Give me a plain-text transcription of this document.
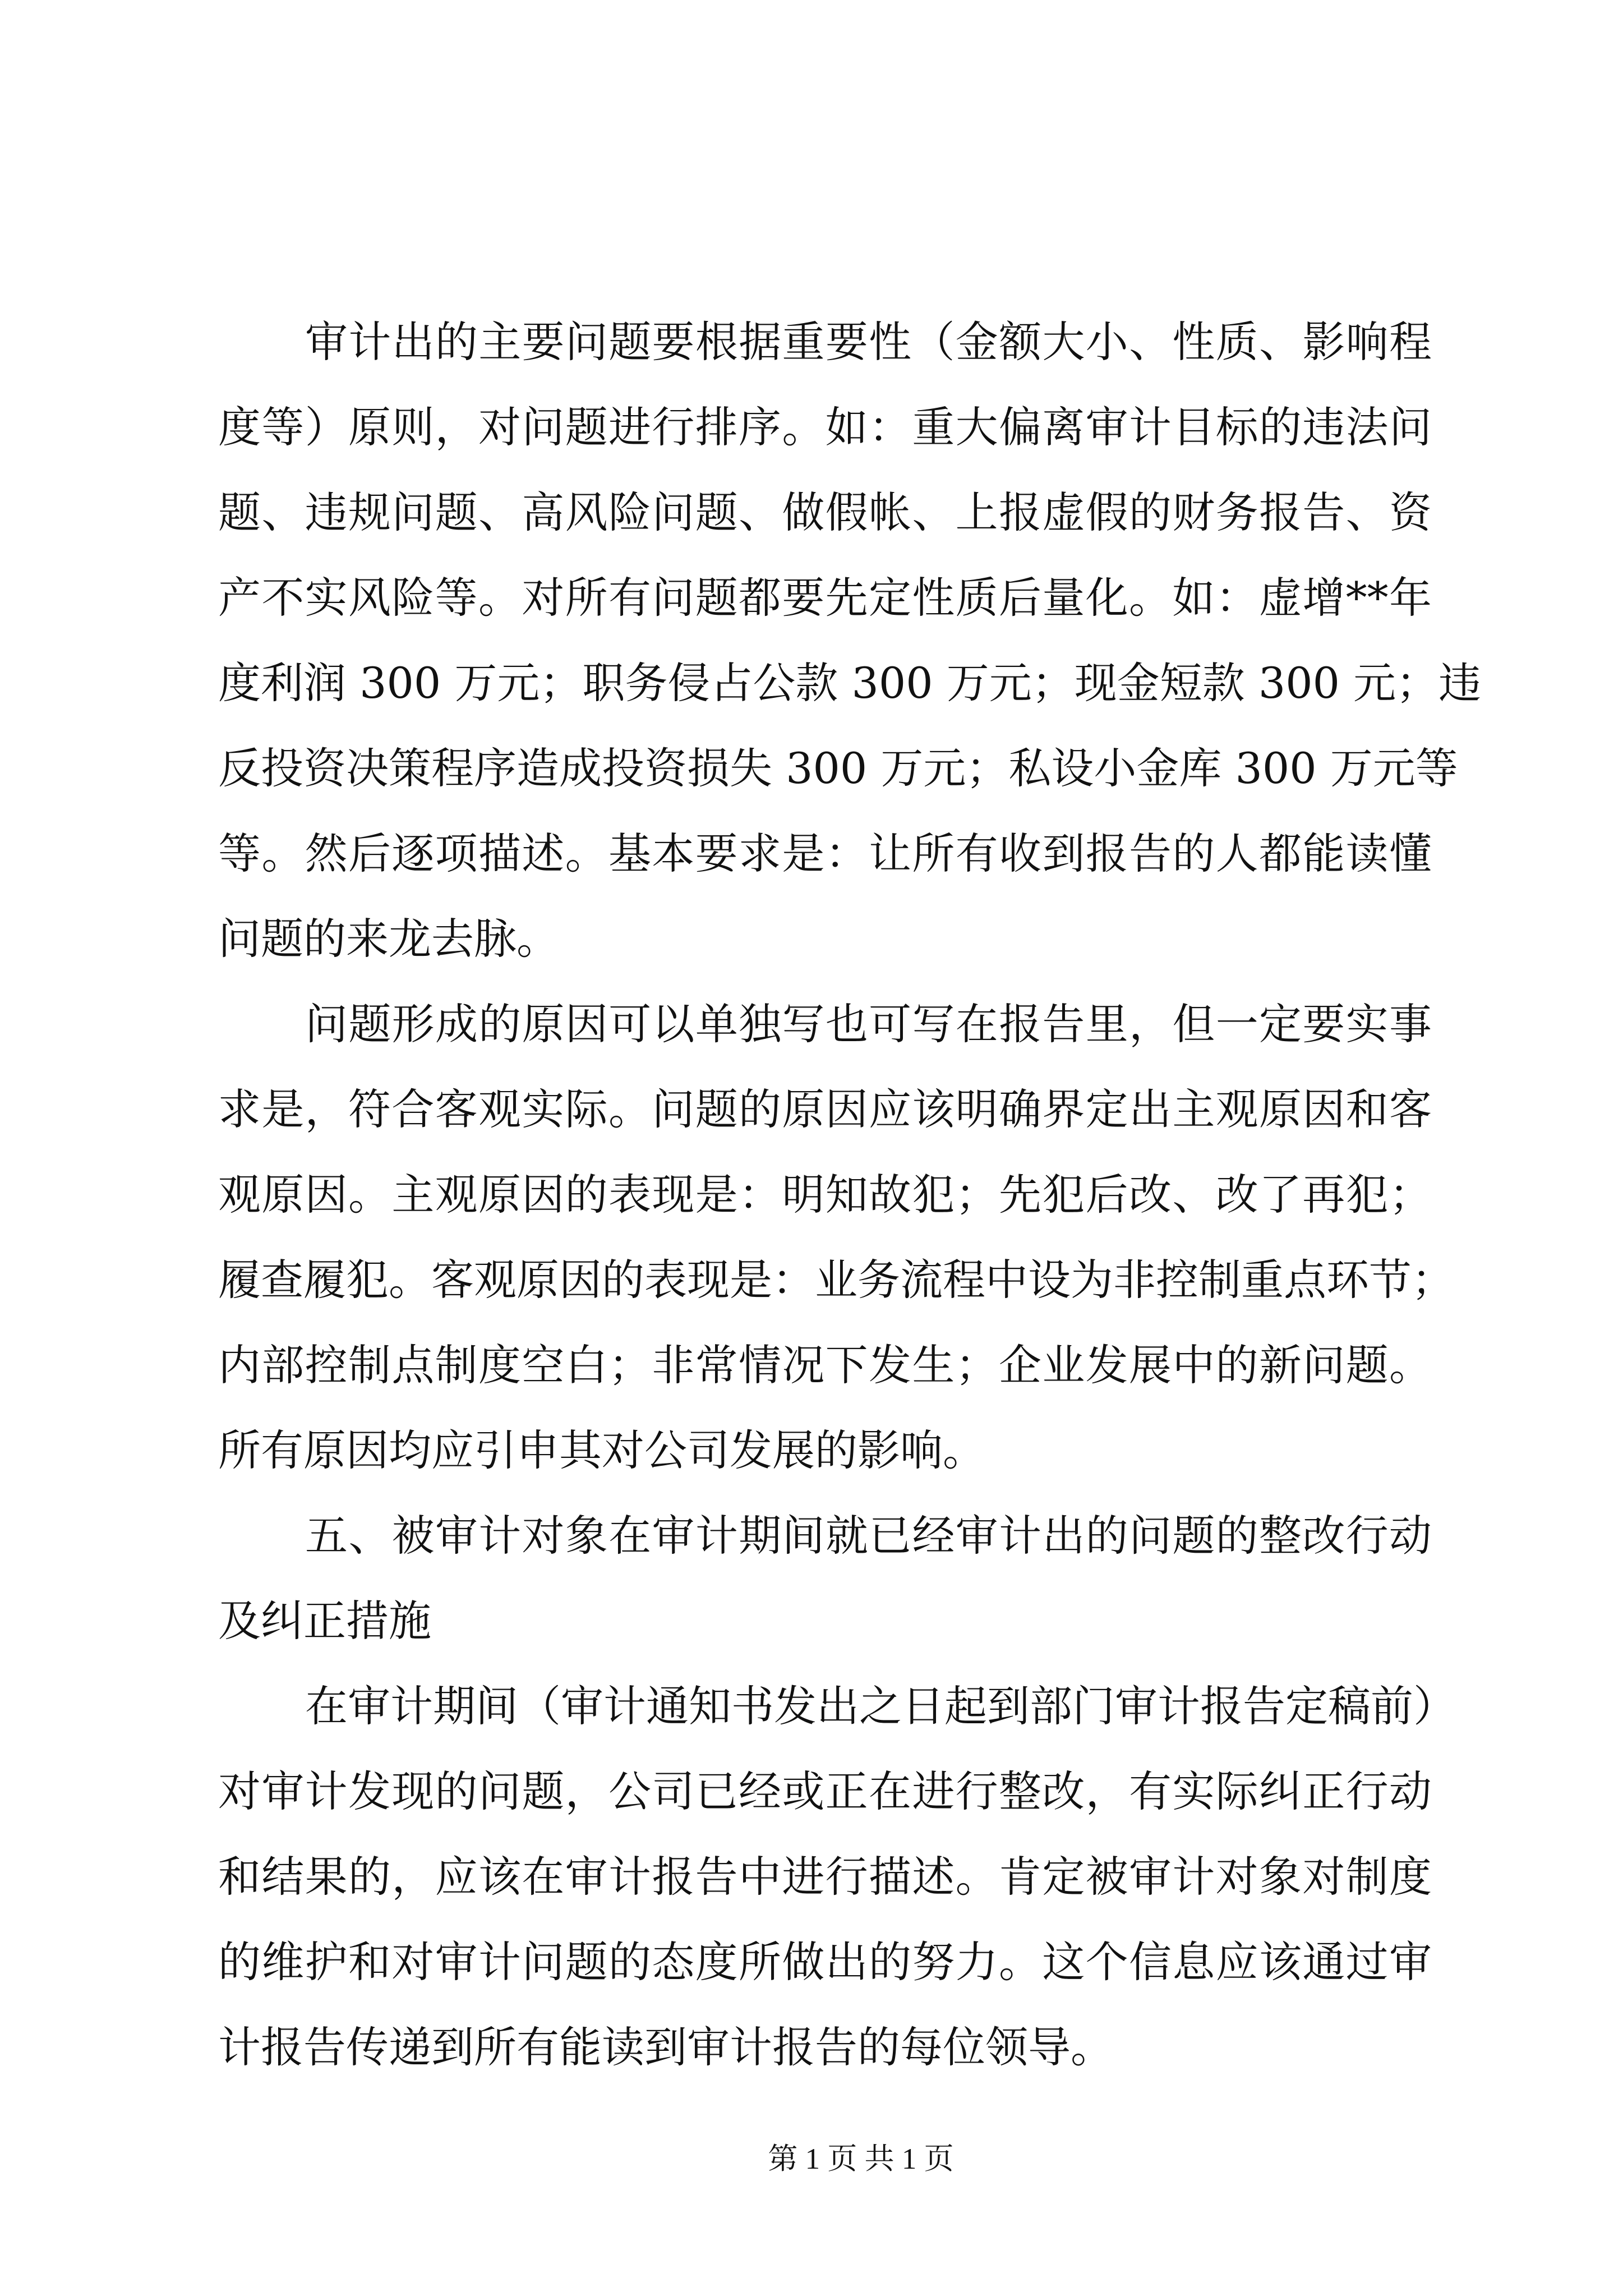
审计出的主要问题要根据重要性（金额大小、性质、影响程
度等）原则，对问题进行排序。如：重大偏离审计目标的违法问
题、违规问题、高风险问题、做假帐、上报虚假的财务报告、资
产不实风险等。对所有问题都要先定性质后量化。如：虚增**年
度利润 300 万元；职务侵占公款 300 万元；现金短款 300 元；违
反投资决策程序造成投资损失 300 万元；私设小金库 300 万元等
等。然后逐项描述。基本要求是：让所有收到报告的人都能读懂
问题的来龙去脉。
问题形成的原因可以单独写也可写在报告里，但一定要实事
求是，符合客观实际。问题的原因应该明确界定出主观原因和客
观原因。主观原因的表现是：明知故犯；先犯后改、改了再犯；
履查履犯。客观原因的表现是：业务流程中设为非控制重点环节；
内部控制点制度空白；非常情况下发生；企业发展中的新问题。
所有原因均应引申其对公司发展的影响。
五、被审计对象在审计期间就已经审计出的问题的整改行动
及纠正措施
在审计期间（审计通知书发出之日起到部门审计报告定稿前）
对审计发现的问题，公司已经或正在进行整改，有实际纠正行动
和结果的，应该在审计报告中进行描述。肯定被审计对象对制度
的维护和对审计问题的态度所做出的努力。这个信息应该通过审
计报告传递到所有能读到审计报告的每位领导。
第 1 页 共 1 页
